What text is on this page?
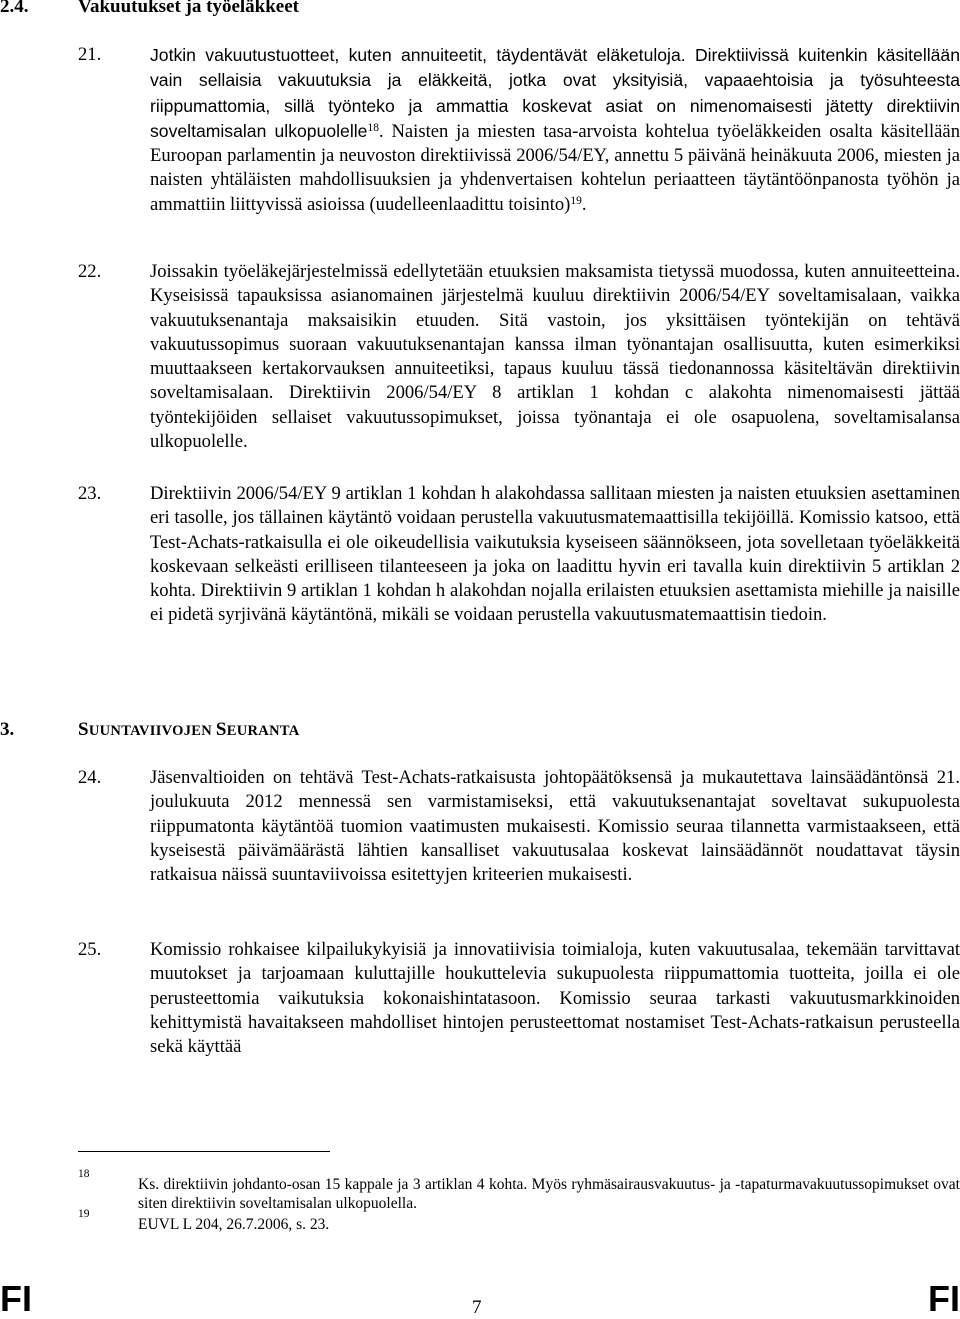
2.4.	Vakuutukset ja työeläkkeet
21.	Jotkin vakuutustuotteet, kuten annuiteetit, täydentävät eläketuloja. Direktiivissä kuitenkin käsitellään vain sellaisia vakuutuksia ja eläkkeitä, jotka ovat yksityisiä, vapaaehtoisia ja työsuhteesta riippumattomia, sillä työnteko ja ammattia koskevat asiat on nimenomaisesti jätetty direktiivin soveltamisalan ulkopuolelle$^{18}$. Naisten ja miesten tasa-arvoista kohtelua työeläkkeiden osalta käsitellään Euroopan parlamentin ja neuvoston direktiivissä 2006/54/EY, annettu 5 päivänä heinäkuuta 2006, miesten ja naisten yhtäläisten mahdollisuuksien ja yhdenvertaisen kohtelun periaatteen täytäntöönpanosta työhön ja ammattiin liittyvissä asioissa (uudelleenlaadittu toisinto)$^{19}$.
22.	Joissakin työeläkejärjestelmissä edellytetään etuuksien maksamista tietyssä muodossa, kuten annuiteetteina. Kyseisissä tapauksissa asianomainen järjestelmä kuuluu direktiivin 2006/54/EY soveltamisalaan, vaikka vakuutuksenantaja maksaisikin etuuden. Sitä vastoin, jos yksittäisen työntekijän on tehtävä vakuutussopimus suoraan vakuutuksenantajan kanssa ilman työnantajan osallisuutta, kuten esimerkiksi muuttaakseen kertakorvauksen annuiteetiksi, tapaus kuuluu tässä tiedonannossa käsiteltävän direktiivin soveltamisalaan. Direktiivin 2006/54/EY 8 artiklan 1 kohdan c alakohta nimenomaisesti jättää työntekijöiden sellaiset vakuutussopimukset, joissa työnantaja ei ole osapuolena, soveltamisalansa ulkopuolelle.
23.	Direktiivin 2006/54/EY 9 artiklan 1 kohdan h alakohdassa sallitaan miesten ja naisten etuuksien asettaminen eri tasolle, jos tällainen käytäntö voidaan perustella vakuutusmatemaattisilla tekijöillä. Komissio katsoo, että Test-Achats-ratkaisulla ei ole oikeudellisia vaikutuksia kyseiseen säännökseen, jota sovelletaan työeläkkeitä koskevaan selkeästi erilliseen tilanteeseen ja joka on laadittu hyvin eri tavalla kuin direktiivin 5 artiklan 2 kohta. Direktiivin 9 artiklan 1 kohdan h alakohdan nojalla erilaisten etuuksien asettamista miehille ja naisille ei pidetä syrjivänä käytäntönä, mikäli se voidaan perustella vakuutusmatemaattisin tiedoin.
3.	SUUNTAVIIVOJEN SEURANTA
24.	Jäsenvaltioiden on tehtävä Test-Achats-ratkaisusta johtopäätöksensä ja mukautettava lainsäädäntönsä 21. joulukuuta 2012 mennessä sen varmistamiseksi, että vakuutuksenantajat soveltavat sukupuolesta riippumatonta käytäntöä tuomion vaatimusten mukaisesti. Komissio seuraa tilannetta varmistaakseen, että kyseisestä päivämäärästä lähtien kansalliset vakuutusalaa koskevat lainsäädännöt noudattavat täysin ratkaisua näissä suuntaviivoissa esitettyjen kriteerien mukaisesti.
25.	Komissio rohkaisee kilpailukykyisiä ja innovatiivisia toimialoja, kuten vakuutusalaa, tekemään tarvittavat muutokset ja tarjoamaan kuluttajille houkuttelevia sukupuolesta riippumattomia tuotteita, joilla ei ole perusteettomia vaikutuksia kokonaishintatasoon. Komissio seuraa tarkasti vakuutusmarkkinoiden kehittymistä havaitakseen mahdolliset hintojen perusteettomat nostamiset Test-Achats-ratkaisun perusteella sekä käyttää
18
Ks. direktiivin johdanto-osan 15 kappale ja 3 artiklan 4 kohta. Myös ryhmäsairausvakuutus- ja -tapaturmavakuutussopimukset ovat siten direktiivin soveltamisalan ulkopuolella.
19
EUVL L 204, 26.7.2006, s. 23.
FI	7	FI
